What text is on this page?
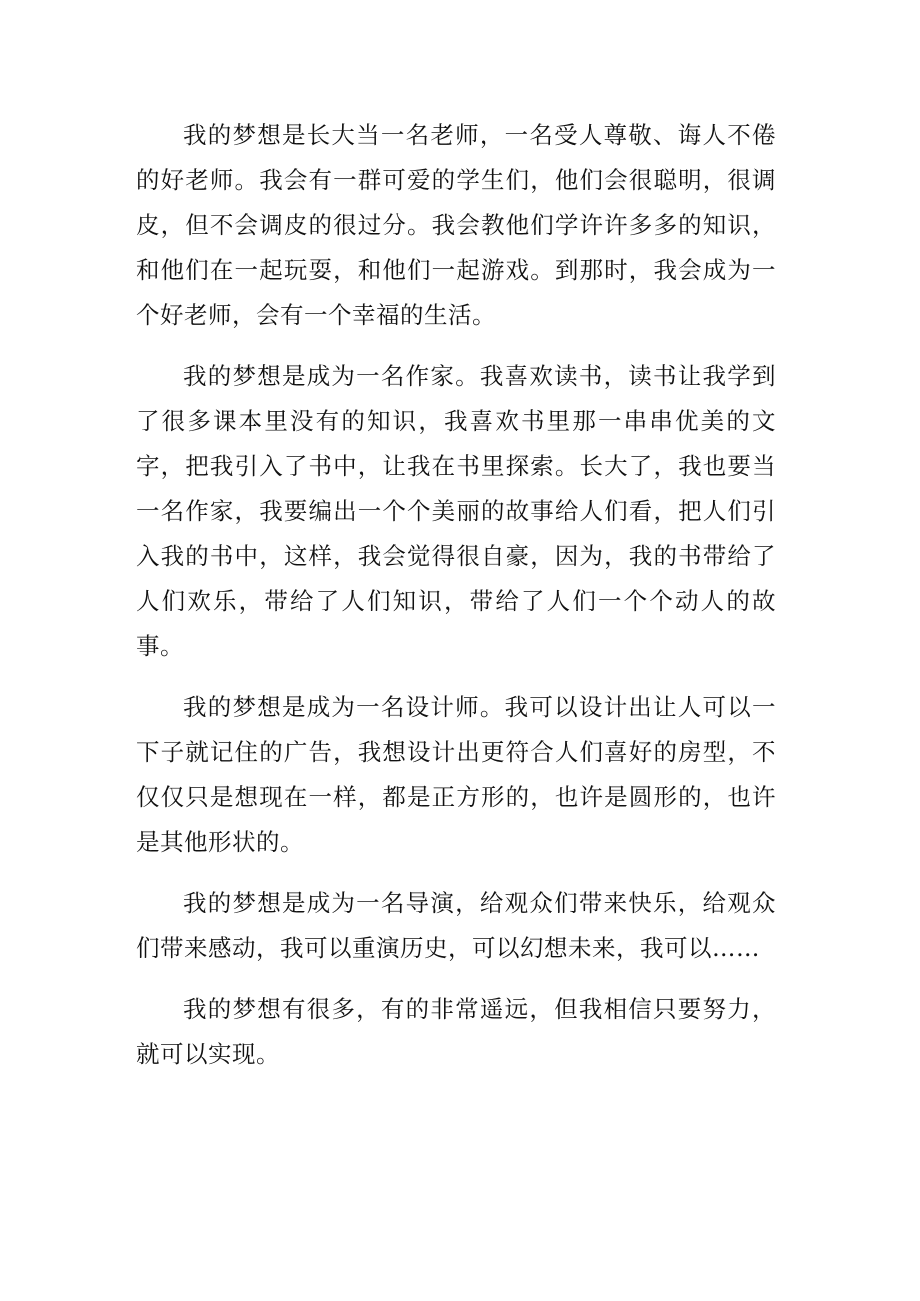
我的梦想是长大当一名老师，一名受人尊敬、诲人不倦的好老师。我会有一群可爱的学生们，他们会很聪明，很调皮，但不会调皮的很过分。我会教他们学许许多多的知识，和他们在一起玩耍，和他们一起游戏。到那时，我会成为一个好老师，会有一个幸福的生活。

我的梦想是成为一名作家。我喜欢读书，读书让我学到了很多课本里没有的知识，我喜欢书里那一串串优美的文字，把我引入了书中，让我在书里探索。长大了，我也要当一名作家，我要编出一个个美丽的故事给人们看，把人们引入我的书中，这样，我会觉得很自豪，因为，我的书带给了人们欢乐，带给了人们知识，带给了人们一个个动人的故事。

我的梦想是成为一名设计师。我可以设计出让人可以一下子就记住的广告，我想设计出更符合人们喜好的房型，不仅仅只是想现在一样，都是正方形的，也许是圆形的，也许是其他形状的。

我的梦想是成为一名导演，给观众们带来快乐，给观众们带来感动，我可以重演历史，可以幻想未来，我可以……

我的梦想有很多，有的非常遥远，但我相信只要努力，就可以实现。
